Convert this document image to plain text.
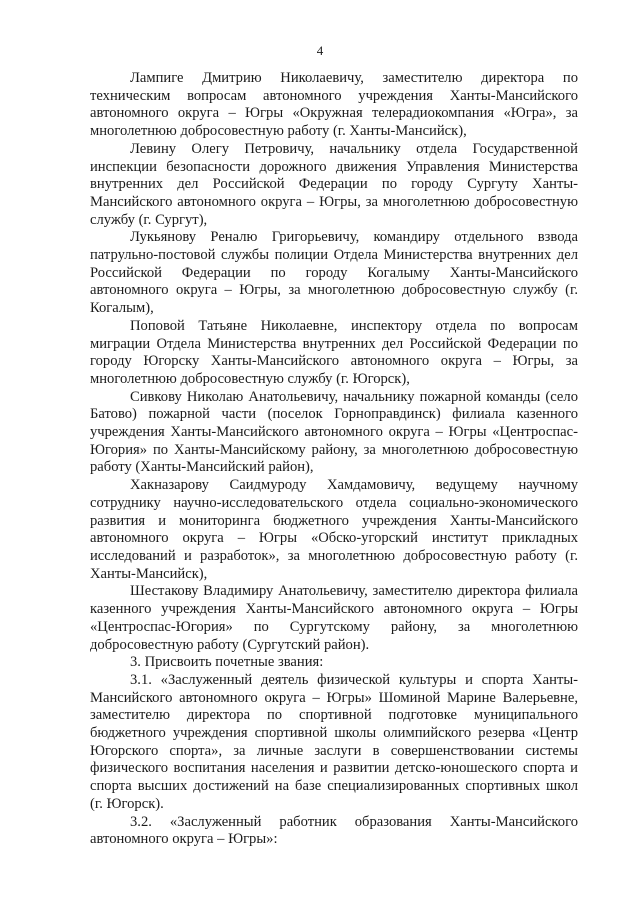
4

Лампиге Дмитрию Николаевичу, заместителю директора по техническим вопросам автономного учреждения Ханты-Мансийского автономного округа – Югры «Окружная телерадиокомпания «Югра», за многолетнюю добросовестную работу (г. Ханты-Мансийск),

Левину Олегу Петровичу, начальнику отдела Государственной инспекции безопасности дорожного движения Управления Министерства внутренних дел Российской Федерации по городу Сургуту Ханты-Мансийского автономного округа – Югры, за многолетнюю добросовестную службу (г. Сургут),

Лукьянову Реналю Григорьевичу, командиру отдельного взвода патрульно-постовой службы полиции Отдела Министерства внутренних дел Российской Федерации по городу Когалыму Ханты-Мансийского автономного округа – Югры, за многолетнюю добросовестную службу (г. Когалым),

Поповой Татьяне Николаевне, инспектору отдела по вопросам миграции Отдела Министерства внутренних дел Российской Федерации по городу Югорску Ханты-Мансийского автономного округа – Югры, за многолетнюю добросовестную службу (г. Югорск),

Сивкову Николаю Анатольевичу, начальнику пожарной команды (село Батово) пожарной части (поселок Горноправдинск) филиала казенного учреждения Ханты-Мансийского автономного округа – Югры «Центроспас-Югория» по Ханты-Мансийскому району, за многолетнюю добросовестную работу (Ханты-Мансийский район),

Хакназарову Саидмуроду Хамдамовичу, ведущему научному сотруднику научно-исследовательского отдела социально-экономического развития и мониторинга бюджетного учреждения Ханты-Мансийского автономного округа – Югры «Обско-угорский институт прикладных исследований и разработок», за многолетнюю добросовестную работу (г. Ханты-Мансийск),

Шестакову Владимиру Анатольевичу, заместителю директора филиала казенного учреждения Ханты-Мансийского автономного округа – Югры «Центроспас-Югория» по Сургутскому району, за многолетнюю добросовестную работу (Сургутский район).

3. Присвоить почетные звания:

3.1. «Заслуженный деятель физической культуры и спорта Ханты-Мансийского автономного округа – Югры» Шоминой Марине Валерьевне, заместителю директора по спортивной подготовке муниципального бюджетного учреждения спортивной школы олимпийского резерва «Центр Югорского спорта», за личные заслуги в совершенствовании системы физического воспитания населения и развитии детско-юношеского спорта и спорта высших достижений на базе специализированных спортивных школ (г. Югорск).

3.2. «Заслуженный работник образования Ханты-Мансийского автономного округа – Югры»:
